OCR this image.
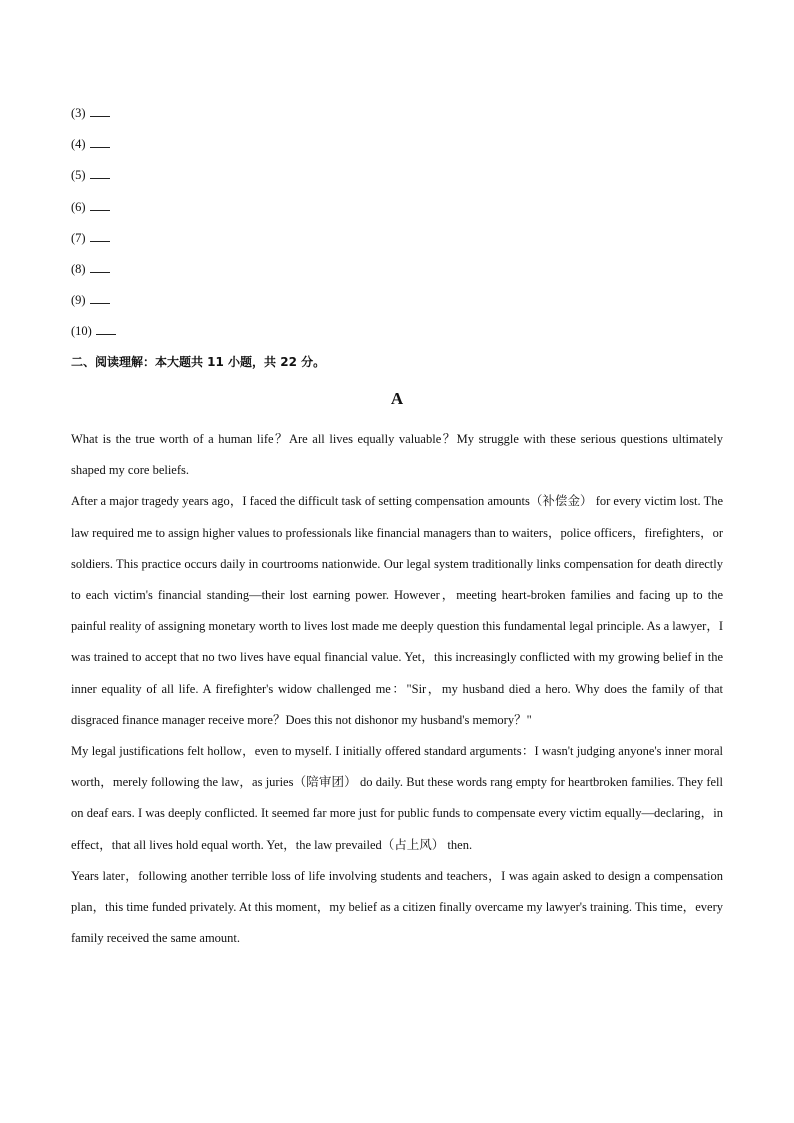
(3)
(4)
(5)
(6)
(7)
(8)
(9)
(10)
二、阅读理解：本大题共 11 小题，共 22 分。
A

What is the true worth of a human life？Are all lives equally valuable？My struggle with these serious questions ultimately shaped my core beliefs.

After a major tragedy years ago，I faced the difficult task of setting compensation amounts（补偿金） for every victim lost. The law required me to assign higher values to professionals like financial managers than to waiters，police officers，firefighters，or soldiers. This practice occurs daily in courtrooms nationwide. Our legal system traditionally links compensation for death directly to each victim's financial standing—their lost earning power. However，meeting heart-broken families and facing up to the painful reality of assigning monetary worth to lives lost made me deeply question this fundamental legal principle. As a lawyer，I was trained to accept that no two lives have equal financial value. Yet，this increasingly conflicted with my growing belief in the inner equality of all life. A firefighter's widow challenged me："Sir，my husband died a hero. Why does the family of that disgraced finance manager receive more？Does this not dishonor my husband's memory？"

My legal justifications felt hollow，even to myself. I initially offered standard arguments：I wasn't judging anyone's inner moral worth，merely following the law，as juries（陪审团） do daily. But these words rang empty for heartbroken families. They fell on deaf ears. I was deeply conflicted. It seemed far more just for public funds to compensate every victim equally—declaring，in effect，that all lives hold equal worth. Yet，the law prevailed（占上风） then.

Years later，following another terrible loss of life involving students and teachers，I was again asked to design a compensation plan，this time funded privately. At this moment，my belief as a citizen finally overcame my lawyer's training. This time，every family received the same amount.
